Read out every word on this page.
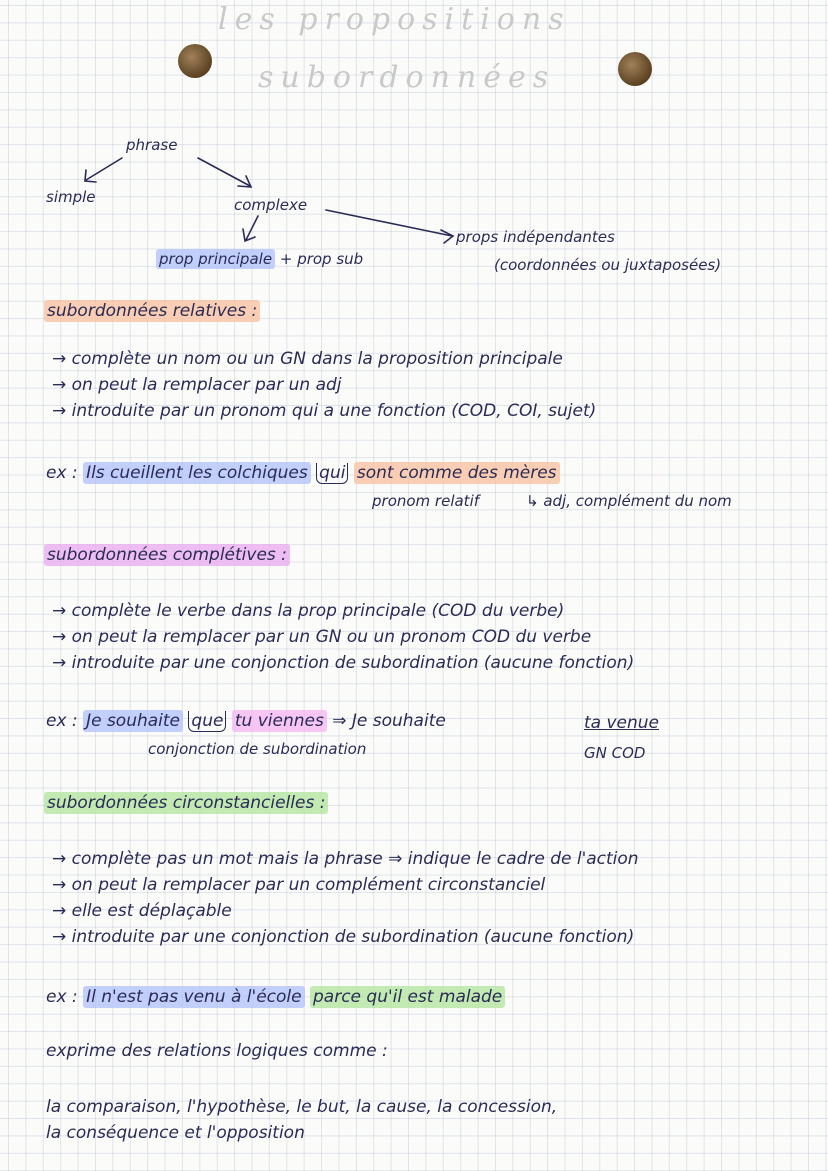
les propositions
subordonnées
phrase
simple	complexe
prop principale + prop sub
props indépendantes
(coordonnées ou juxtaposées)
subordonnées relatives :
→ complète un nom ou un GN dans la proposition principale
→ on peut la remplacer par un adj
→ introduite par un pronom qui a une fonction (COD, COI, sujet)
ex : Ils cueillent les colchiques qui sont comme des mères
pronom relatif	↳ adj, complément du nom
subordonnées complétives :
→ complète le verbe dans la prop principale (COD du verbe)
→ on peut la remplacer par un GN ou un pronom COD du verbe
→ introduite par une conjonction de subordination (aucune fonction)
ex : Je souhaite que tu viennes ⇒ Je souhaite	ta venue
conjonction de subordination	GN COD
subordonnées circonstancielles :
→ complète pas un mot mais la phrase ⇒ indique le cadre de l'action
→ on peut la remplacer par un complément circonstanciel
→ elle est déplaçable
→ introduite par une conjonction de subordination (aucune fonction)
ex : Il n'est pas venu à l'école parce qu'il est malade
exprime des relations logiques comme :
la comparaison, l'hypothèse, le but, la cause, la concession,
la conséquence et l'opposition
